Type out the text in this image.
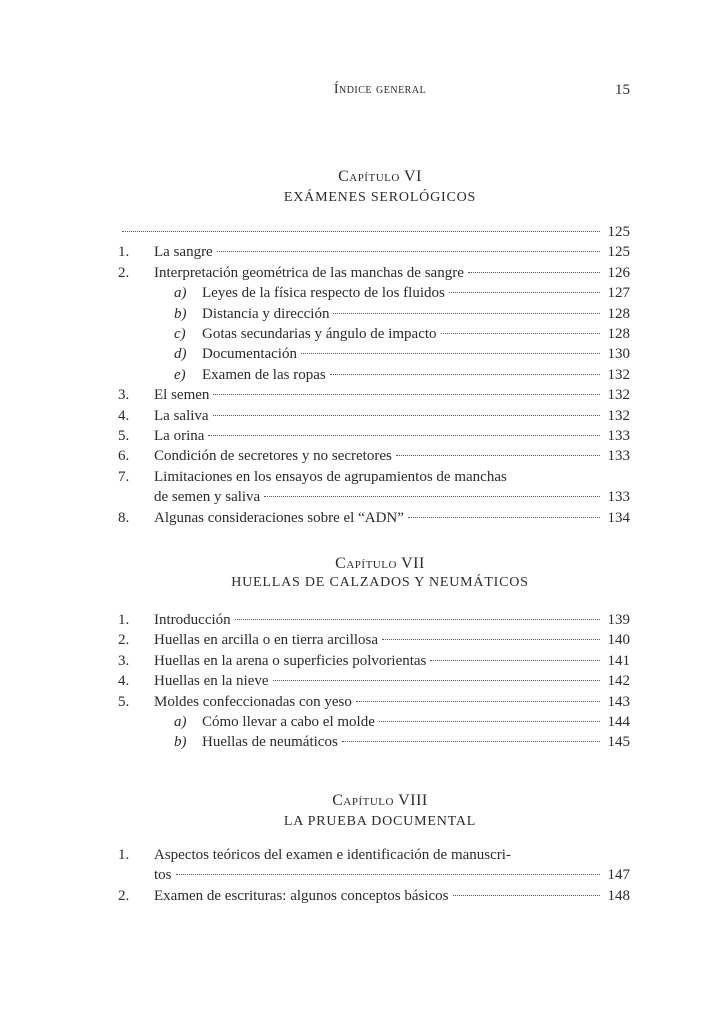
Índice general	15
Capítulo VI
EXÁMENES SEROLÓGICOS
125
1.	La sangre	125
2.	Interpretación geométrica de las manchas de sangre	126
a)	Leyes de la física respecto de los fluidos	127
b)	Distancia y dirección	128
c)	Gotas secundarias y ángulo de impacto	128
d)	Documentación	130
e)	Examen de las ropas	132
3.	El semen	132
4.	La saliva	132
5.	La orina	133
6.	Condición de secretores y no secretores	133
7.	Limitaciones en los ensayos de agrupamientos de manchas
de semen y saliva	133
8.	Algunas consideraciones sobre el “ADN”	134
Capítulo VII
HUELLAS DE CALZADOS Y NEUMÁTICOS
1.	Introducción	139
2.	Huellas en arcilla o en tierra arcillosa	140
3.	Huellas en la arena o superficies polvorientas	141
4.	Huellas en la nieve	142
5.	Moldes confeccionadas con yeso	143
a)	Cómo llevar a cabo el molde	144
b)	Huellas de neumáticos	145
Capítulo VIII
LA PRUEBA DOCUMENTAL
1.	Aspectos teóricos del examen e identificación de manuscri-
tos	147
2.	Examen de escrituras: algunos conceptos básicos	148
